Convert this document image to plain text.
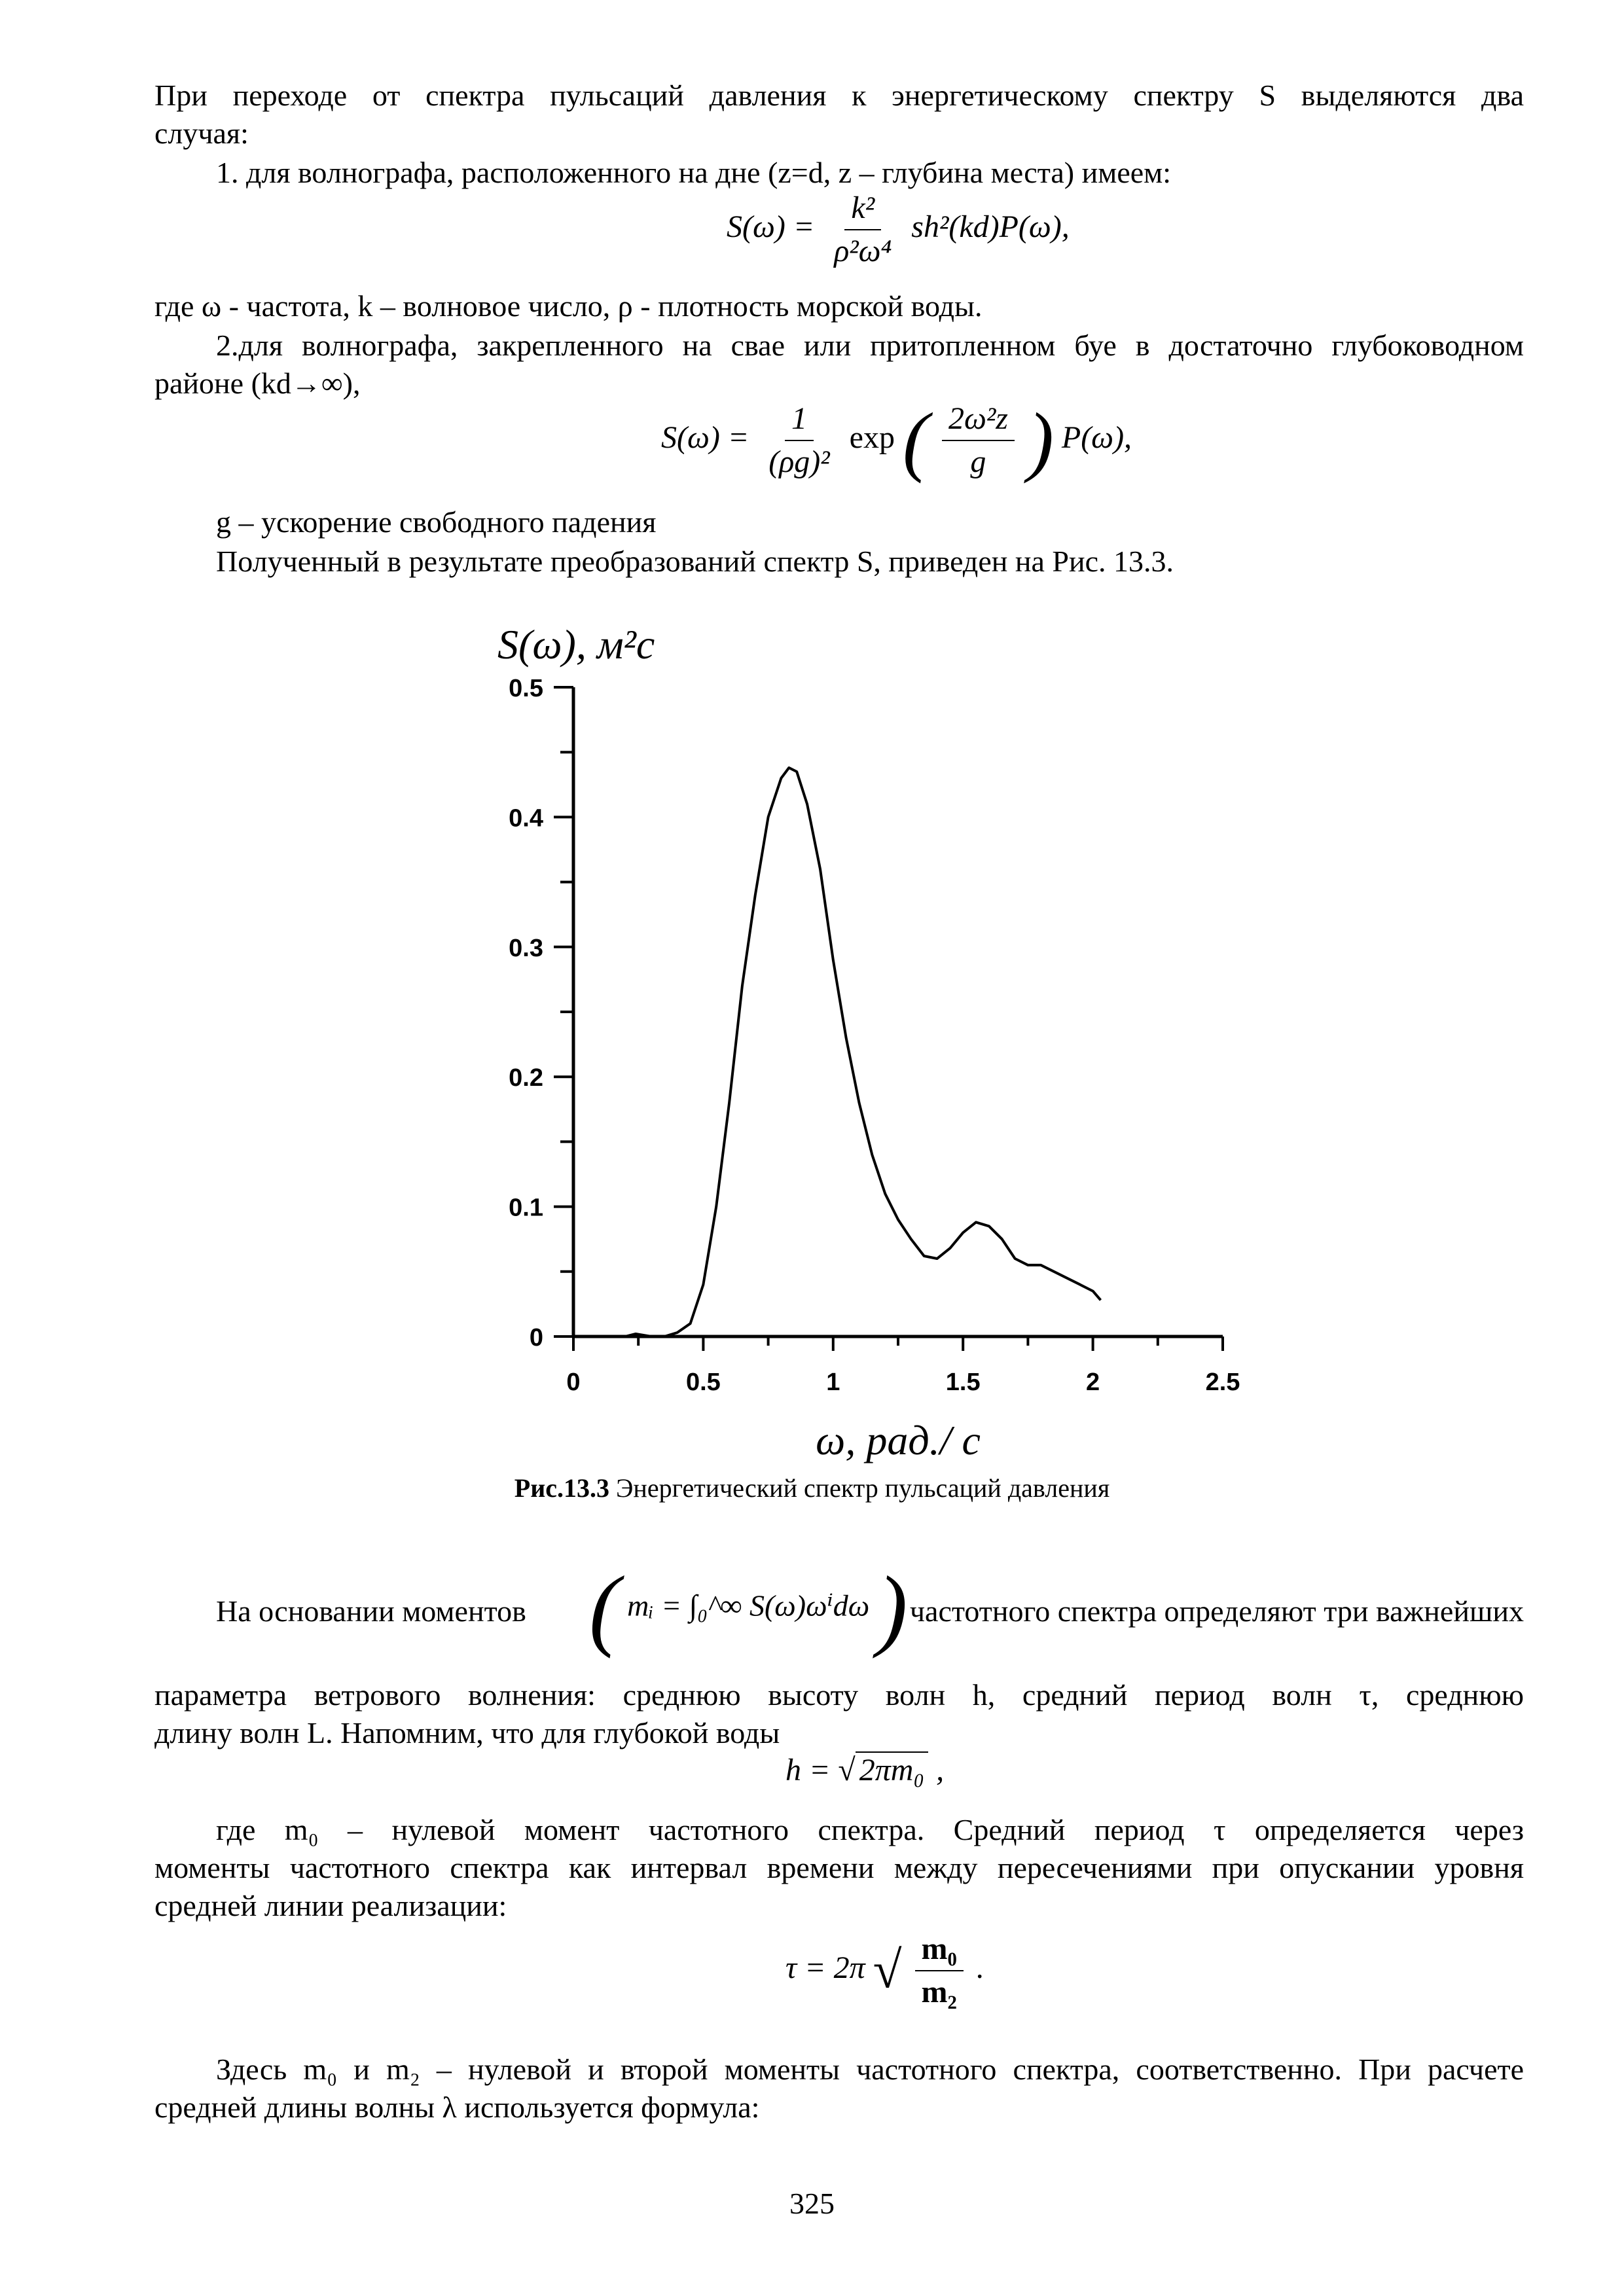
При переходе от спектра пульсаций давления к энергетическому спектру S выделяются два
случая:
1. для волнографа, расположенного на дне (z=d, z – глубина места) имеем:
$S(\omega) = \frac{\text{k²}}{\text{ρ²ω⁴}} sh^2(kd)P(\omega)$,
где ω - частота, k – волновое число, ρ - плотность морской воды.
2.для волнографа, закрепленного на свае или притопленном буе в достаточно глубоководном
районе (kd→∞),
$S(\omega) = \frac{1}{\text{(ρg)²}}$ exp ( $\frac{\text{2ω²z}}{g}$ ) P(ω),
g – ускорение свободного падения
Полученный в результате преобразований спектр S, приведен на Рис. 13.3.
0	0.5	1	1.5	2	2.5
0
0.1
0.2
0.3
0.4
0.5
S(ω), м²с
ω, рад./ с
Рис.13.3 Энергетический спектр пульсаций давления
На основании моментов ( mᵢ = ∫₀^∞ S(ω)ωⁱdω ) частотного спектра определяют три важнейших
параметра ветрового волнения: среднюю высоту волн h, средний период волн τ, среднюю
длину волн L. Напомним, что для глубокой воды
h = √ 2πm₀ ,
где m₀ – нулевой момент частотного спектра. Средний период τ определяется через
моменты частотного спектра как интервал времени между пересечениями при опускании уровня
средней линии реализации:
τ = 2π √ $\frac{\text{m₀}}{\text{m₂}}$ .
Здесь m₀ и m₂ – нулевой и второй моменты частотного спектра, соответственно. При расчете
средней длины волны λ используется формула:
325
